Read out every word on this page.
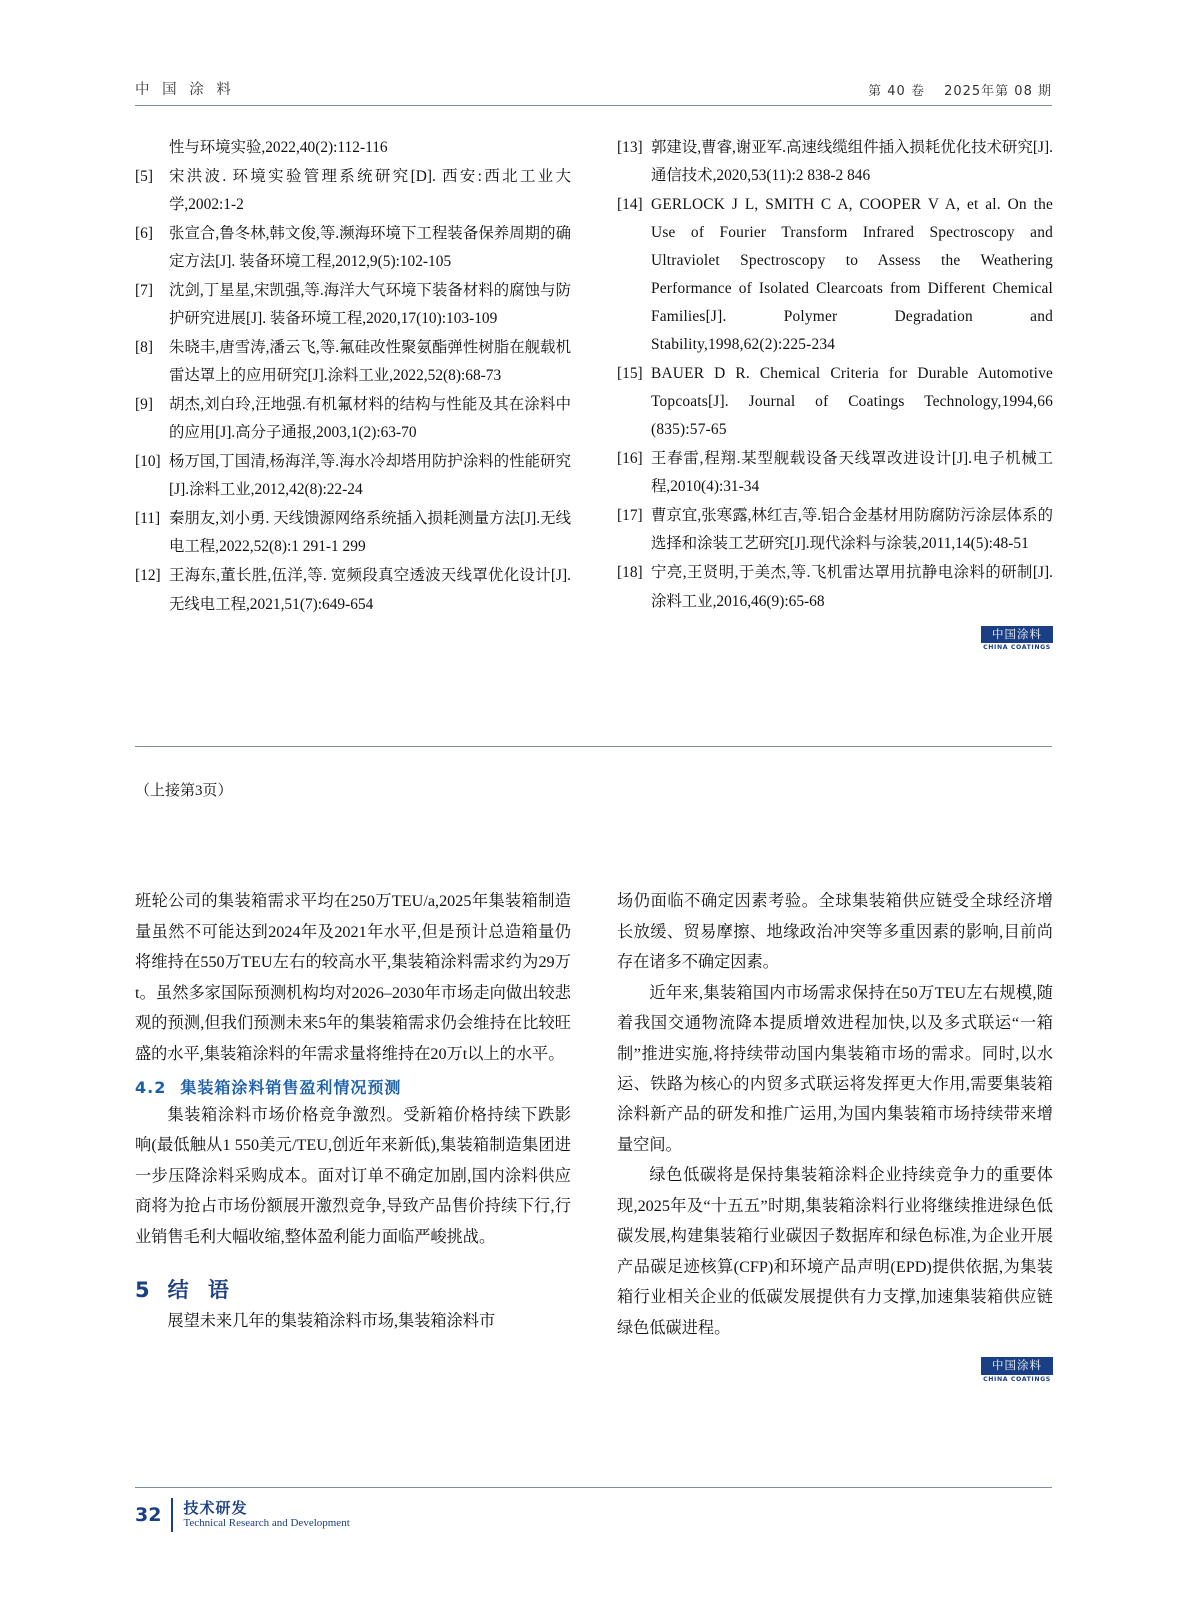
中 国 涂 料	第 40 卷 2025年第 08 期
性与环境实验,2022,40(2):112-116
[5]	宋洪波. 环境实验管理系统研究[D]. 西安:西北工业大学,2002:1-2
[6]	张宣合,鲁冬林,韩文俊,等.濒海环境下工程装备保养周期的确定方法[J]. 装备环境工程,2012,9(5):102-105
[7]	沈剑,丁星星,宋凯强,等.海洋大气环境下装备材料的腐蚀与防护研究进展[J]. 装备环境工程,2020,17(10):103-109
[8]	朱晓丰,唐雪涛,潘云飞,等.氟硅改性聚氨酯弹性树脂在舰载机雷达罩上的应用研究[J].涂料工业,2022,52(8):68-73
[9]	胡杰,刘白玲,汪地强.有机氟材料的结构与性能及其在涂料中的应用[J].高分子通报,2003,1(2):63-70
[10] 杨万国,丁国清,杨海洋,等.海水冷却塔用防护涂料的性能研究[J].涂料工业,2012,42(8):22-24
[11] 秦朋友,刘小勇. 天线馈源网络系统插入损耗测量方法[J].无线电工程,2022,52(8):1 291-1 299
[12] 王海东,董长胜,伍洋,等. 宽频段真空透波天线罩优化设计[J]. 无线电工程,2021,51(7):649-654
[13] 郭建设,曹睿,谢亚军.高速线缆组件插入损耗优化技术研究[J].通信技术,2020,53(11):2 838-2 846
[14] GERLOCK J L, SMITH C A, COOPER V A, et al. On the Use of Fourier Transform Infrared Spectroscopy and Ultraviolet Spectroscopy to Assess the Weathering Performance of Isolated Clearcoats from Different Chemical Families[J]. Polymer Degradation and Stability,1998,62(2):225-234
[15] BAUER D R. Chemical Criteria for Durable Automotive Topcoats[J]. Journal of Coatings Technology,1994,66 (835):57-65
[16] 王春雷,程翔.某型舰载设备天线罩改进设计[J].电子机械工程,2010(4):31-34
[17] 曹京宜,张寒露,林红吉,等.铝合金基材用防腐防污涂层体系的选择和涂装工艺研究[J].现代涂料与涂装,2011,14(5):48-51
[18] 宁亮,王贤明,于美杰,等.飞机雷达罩用抗静电涂料的研制[J].涂料工业,2016,46(9):65-68
中国涂料
CHINA COATINGS
（上接第3页）

班轮公司的集装箱需求平均在250万TEU/a,2025年集装箱制造量虽然不可能达到2024年及2021年水平,但是预计总造箱量仍将维持在550万TEU左右的较高水平,集装箱涂料需求约为29万t。虽然多家国际预测机构均对2026–2030年市场走向做出较悲观的预测,但我们预测未来5年的集装箱需求仍会维持在比较旺盛的水平,集装箱涂料的年需求量将维持在20万t以上的水平。

4.2 集装箱涂料销售盈利情况预测

集装箱涂料市场价格竞争激烈。受新箱价格持续下跌影响(最低触从1 550美元/TEU,创近年来新低),集装箱制造集团进一步压降涂料采购成本。面对订单不确定加剧,国内涂料供应商将为抢占市场份额展开激烈竞争,导致产品售价持续下行,行业销售毛利大幅收缩,整体盈利能力面临严峻挑战。

5 结 语

展望未来几年的集装箱涂料市场,集装箱涂料市

场仍面临不确定因素考验。全球集装箱供应链受全球经济增长放缓、贸易摩擦、地缘政治冲突等多重因素的影响,目前尚存在诸多不确定因素。

近年来,集装箱国内市场需求保持在50万TEU左右规模,随着我国交通物流降本提质增效进程加快,以及多式联运“一箱制”推进实施,将持续带动国内集装箱市场的需求。同时,以水运、铁路为核心的内贸多式联运将发挥更大作用,需要集装箱涂料新产品的研发和推广运用,为国内集装箱市场持续带来增量空间。

绿色低碳将是保持集装箱涂料企业持续竞争力的重要体现,2025年及“十五五”时期,集装箱涂料行业将继续推进绿色低碳发展,构建集装箱行业碳因子数据库和绿色标准,为企业开展产品碳足迹核算(CFP)和环境产品声明(EPD)提供依据,为集装箱行业相关企业的低碳发展提供有力支撑,加速集装箱供应链绿色低碳进程。

中国涂料
CHINA COATINGS
32 技术研发
Technical Research and Development
